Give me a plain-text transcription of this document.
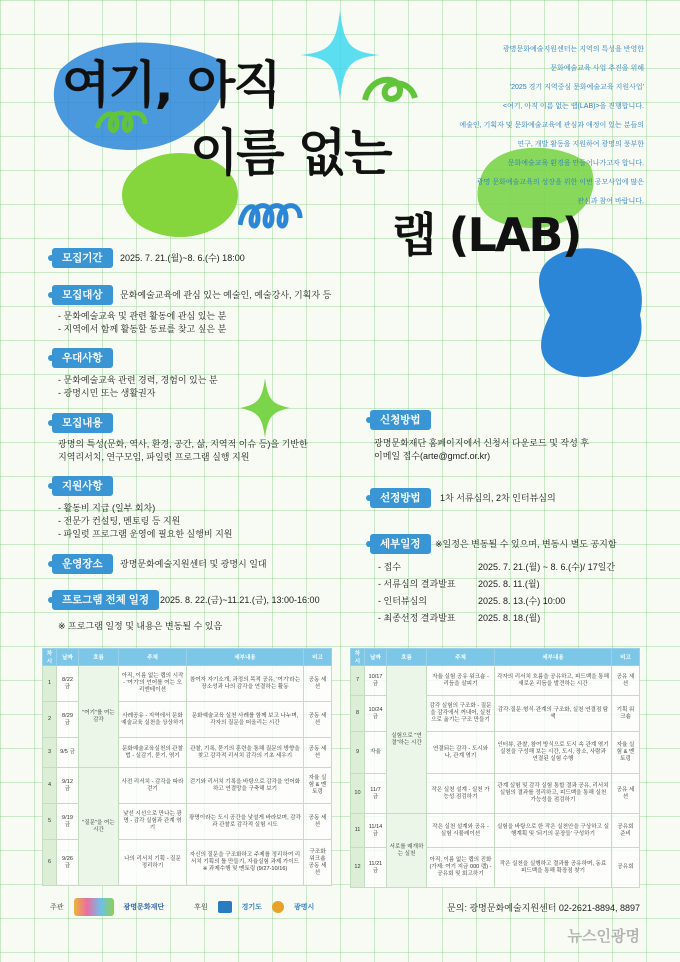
여기, 아직
이름 없는
랩 (LAB)
광명문화예술지원센터는 지역의 특성을 반영한
문화예술교육 사업 추진을 위해
'2025 경기 지역중심 문화예술교육 지원사업'
<여기, 아직 이름 없는 랩(LAB)>을 진행합니다.
예술인, 기획자 및 문화예술교육에 관심과 애정이 있는 분들의
연구, 개발 활동을 지원하여 광명의 풍부한
문화예술교육 환경을 만들어나가고자 합니다.
광명 문화예술교육의 성장을 위한 이번 공모사업에 많은
관심과 참여 바랍니다.
모집기간	2025. 7. 21.(월)~8. 6.(수) 18:00
모집대상	문화예술교육에 관심 있는 예술인, 예술강사, 기획자 등
- 문화예술교육 및 관련 활동에 관심 있는 분
- 지역에서 함께 활동할 동료를 찾고 싶은 분
우대사항
- 문화예술교육 관련 경력, 경험이 있는 분
- 광명시민 또는 생활권자
모집내용
광명의 특성(문화, 역사, 환경, 공간, 삶, 지역적 이슈 등)을 기반한
지역리서치, 연구모임, 파일럿 프로그램 실행 지원
지원사항
- 활동비 지급 (일부 회차)
- 전문가 컨설팅, 멘토링 등 지원
- 파일럿 프로그램 운영에 필요한 실행비 지원
운영장소	광명문화예술지원센터 및 광명시 일대
프로그램 전체 일정	2025. 8. 22.(금)~11.21.(금), 13:00-16:00
※ 프로그램 일정 및 내용은 변동될 수 있음
신청방법
광명문화재단 홈페이지에서 신청서 다운로드 및 작성 후
이메일 접수(arte@gmcf.or.kr)
선정방법	1차 서류심의, 2차 인터뷰심의
세부일정	※일정은 변동될 수 있으며, 변동시 별도 공지함
- 접수	2025. 7. 21.(월) ~ 8. 6.(수)/ 17일간
- 서류심의 결과발표 2025. 8. 11.(월)
- 인터뷰심의	2025. 8. 13.(수) 10:00
- 최종선정 결과발표 2025. 8. 18.(월)
차시	날짜	흐름	주제	세부내용	비고
1	8/22 금	"여기"를 여는 감각	아직, 이름 없는 랩의 시작 - '여기'의 언어를 여는 오리엔테이션	참여자 자기소개, 과정의 목적 공유, '여기'라는 장소성과 나의 감각을 연결하는 활동	공동 세션
2	8/29 금		사례공유 - 지역에서 문화예술교육 실천을 상상하기	문화예술교육 실천 사례를 함께 보고 나누며, 각자의 질문을 떠올리는 시간	공동 세션
3	9/5 금		문화예술교육실천의 관찰법 - 실감기, 묻기, 엮기	관찰, 기록, 묻기의 훈련을 통해 질문의 방향을 찾고 감각적 리서치 감각의 기초 세우기	공동 세션
4	9/12 금	"질문"을 여는 시간	사전 리서치 - 감각을 따라 걷기	걷기와 리서치 기록을 바탕으로 감각을 언어화하고 연결망을 구축해 보기	자율 실험 & 멘토링
5	9/19 금		낯선 시선으로 만나는 광명 - 감각 실험과 관계 엮기	광명이라는 도시 공간을 낯설게 바라보며, 감각과 관찰로 감각적 실험 시도	공동 세션
6	9/26 금		나의 리서치 기획 - 질문 정리하기	자신의 질문을 구조화하고 주제를 정리하여 리서치 기획의 틀 만들기, 자율실험 과제 가이드 ※ 과제수행 및 멘토링 (9/27-10/16)	구조화 워크숍 공동 세션
차시	날짜	흐름	주제	세부내용	비고
7	10/17 금	실험으로 "연결"하는 시간	자율 실험 공유 워크숍 - 리듬을 살피기	각자의 리서치 흐름을 공유하고, 피드백을 통해 새로운 리듬을 발견하는 시간	공유 세션
8	10/24 금		감각 실험의 구조화 - 질문을 감각에서 꺼내어, 실천으로 옮기는 구조 만들기	감각·질문·형식·관계의 구조화, 실천 연결점 탐색	기획 워크숍
9	자율		연결되는 감각 - 도시와 나, 관계 엮기	인터뷰, 관찰, 참여 방식으로 도시 속 관계 엮기 실천을 구성해 보는 시간, 도시, 장소, 사람과 연결된 실험 수행	자율 실험 & 멘토링
10	11/7 금		작은 실천 설계 - 실천 가능성 점검하기	관계 실험 및 감각 실험 통합 결과 공유, 리서치 실험의 결과를 정리하고, 피드백을 통해 실천 가능성을 점검하기	공유 세션
11	11/14 금	서로를 매개하는 실천	작은 실천 설계와 공유 - 실험 시뮬레이션	실험을 바탕으로 한 작은 실천안을 구상하고 실행계획 및 '되기의 문장들' 구성하기	공유회 준비
12	11/21 금		아직, 이름 없는 랩의 진화 (가제: 여기 지금 000 랩) - 공유회 및 회고하기	작은 실천을 실행하고 결과를 공유하며, 동료 피드백을 통해 확장점 찾기	공유회
주관	광명문화재단	후원	경기도	광명시	문의: 광명문화예술지원센터 02-2621-8894, 8897
뉴스인광명
